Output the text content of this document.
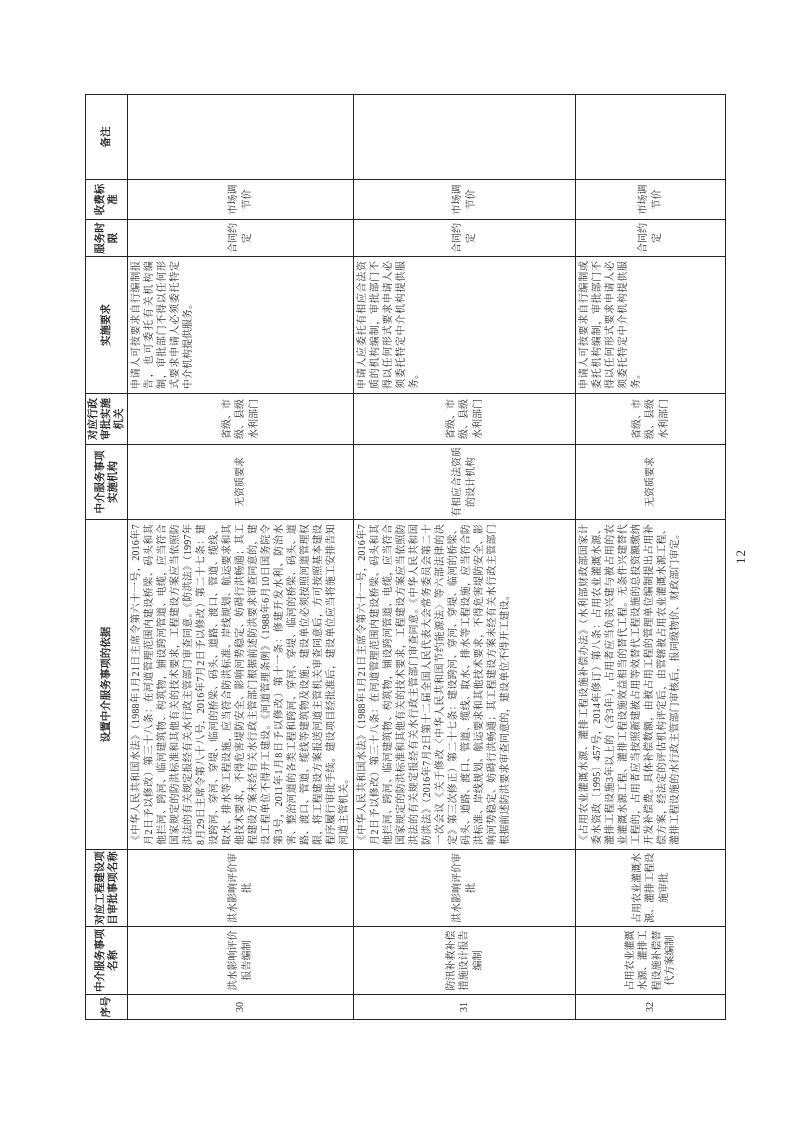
序号	中介服务事项名称	对应工程建设项目审批事项名称	设置中介服务事项的依据	中介服务事项实施机构	对应行政审批实施机关	实施要求	服务时限	收费标准	备注
30	洪水影响评价报告编制	洪水影响评价审批	《中华人民共和国水法》（1988年1月21日主席令第六十一号，2016年7月2日予以修改）第三十八条：在河道管理范围内建设桥梁、码头和其他拦河、跨河、临河建筑物、构筑物，铺设跨河管道、电缆，应当符合国家规定的防洪标准和其他有关的技术要求，工程建设方案应当依照防洪法的有关规定报经有关水行政主管部门审查同意。《防洪法》（1997年8月29日主席令第八十八号，2016年7月2日予以修改）第二十七条：建设跨河、穿河、穿堤、临河的桥梁、码头、道路、渡口、管道、缆线、取水、排水等工程设施，应当符合防洪标准、岸线规划、航运要求和其他技术要求，不得危害堤防安全、影响河势稳定、妨碍行洪畅通；其工程建设方案未经有关水行政主管部门根据前述防洪要求审查同意的，建设工程单位不得开工建设。《河道管理条例》（1988年6月10日国务院令第3号，2011年1月8日予以修改）第十一条：修建开发水利、防治水害、整治河道的各类工程和跨河、穿河、穿堤、临河的桥梁、码头、道路、渡口、管道、缆线等建筑物及设施，建设单位必须按照河道管理权限，将工程建设方案报送河道主管机关审查同意后，方可按照基本建设程序履行审批手续。建设项目经批准后，建设单位应当将施工安排告知河道主管机关。	无资质要求	省级、市级、县级水利部门	申请人可按要求自行编制报告，也可委托有关机构编制，审批部门不得以任何形式要求申请人必须委托特定中介机构提供服务。	合同约定	市场调节价	
31	防汛补救补偿措施设计报告编制	洪水影响评价审批	《中华人民共和国水法》（1988年1月21日主席令第六十一号，2016年7月2日予以修改）第三十八条：在河道管理范围内建设桥梁、码头和其他拦河、跨河、临河建筑物、构筑物，铺设跨河管道、电缆，应当符合国家规定的防洪标准和其他有关的技术要求，工程建设方案应当依照防洪法的有关规定报经有关水行政主管部门审查同意。《中华人民共和国防洪法》（2016年7月2日第十二届全国人民代表大会常务委员会第二十一次会议《关于修改〈中华人民共和国节约能源法〉等六部法律的决定》第三次修正）第二十七条：建设跨河、穿河、穿堤、临河的桥梁、码头、道路、渡口、管道、缆线、取水、排水等工程设施，应当符合防洪标准、岸线规划、航运要求和其他技术要求，不得危害堤防安全、影响河势稳定、妨碍行洪畅通；其工程建设方案未经有关水行政主管部门根据前述防洪要求审查同意的，建设单位不得开工建设。	有相应合法资质的设计机构	省级、市级、县级水利部门	申请人应委托有相应合法资质的机构编制，审批部门不得以任何形式要求申请人必须委托特定中介机构提供服务。	合同约定	市场调节价	
32	占用农业灌溉水源、灌排工程设施补偿替代方案编制	占用农业灌溉水源、灌排工程设施审批	《占用农业灌溉水源、灌排工程设施补偿办法》（水利部财政部国家计委水资政〔1995〕457号，2014年修订）第八条：占用农业灌溉水源、灌排工程设施3年以上的（含3年），占用者应当负责兴建与被占用的农业灌溉水源工程、灌排工程设施效益相当的替代工程。无条件兴建替代工程的，占用者应当按照新建被占用等效替代工程设施的总投资额缴纳开发补偿费。具体补偿数额，由被占用工程的管理单位编制提出占用补偿方案，经法定的评估机构评定后，由管辖被占用农业灌溉水源工程、灌排工程设施的水行政主管部门审核后，报同级物价、财政部门审定。	无资质要求	省级、市级、县级水利部门	申请人可按要求自行编制或委托机构编制，审批部门不得以任何形式要求申请人必须委托特定中介机构提供服务。	合同约定	市场调节价	
12
